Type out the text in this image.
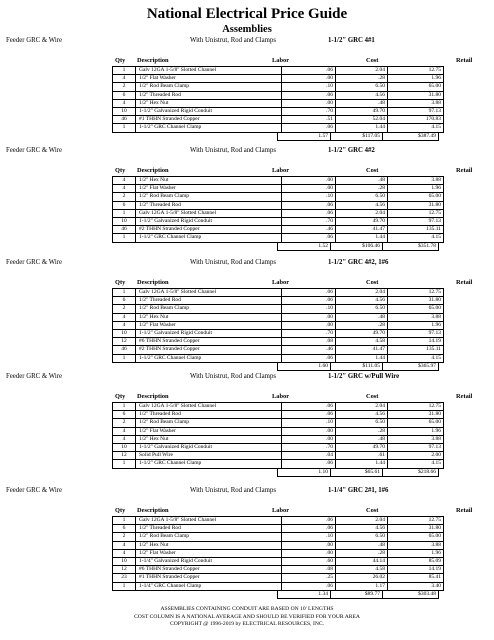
National Electrical Price Guide
Assemblies
Feeder GRC & Wire	With Unistrut, Rod and Clamps	1-1/2" GRC 4#1
Qty Description	Labor	Cost	Retail
1	Galv 12GA 1-5/8" Slotted Channel	.06	2.04	12.75
4	1/2" Flat Washer	.00	.28	1.96
2	1/2" Rod Beam Clamp	.10	6.50	65.00
6	1/2" Threaded Rod	.06	4.56	31.80
4	1/2" Hex Nut	.00	.48	3.88
10	1-1/2" Galvanized Rigid Conduit	.70	49.70	97.13
46	#1 THHN Stranded Copper	.51	52.04	170.83
1	1-1/2" GRC Channel Clamp	.06	1.44	4.15
1.57	$117.05	$387.49
Feeder GRC & Wire	With Unistrut, Rod and Clamps	1-1/2" GRC 4#2
Qty Description	Labor	Cost	Retail
4	1/2" Hex Nut	.00	.48	3.88
4	1/2" Flat Washer	.00	.28	1.96
2	1/2" Rod Beam Clamp	.10	6.50	65.00
6	1/2" Threaded Rod	.06	4.56	31.80
1	Galv 12GA 1-5/8" Slotted Channel	.06	2.04	12.75
10	1-1/2" Galvanized Rigid Conduit	.70	49.70	97.13
46	#2 THHN Stranded Copper	.46	41.47	135.11
1	1-1/2" GRC Channel Clamp	.06	1.44	4.15
1.52	$106.46	$351.78
Feeder GRC & Wire	With Unistrut, Rod and Clamps	1-1/2" GRC 4#2, 1#6
Qty Description	Labor	Cost	Retail
1	Galv 12GA 1-5/8" Slotted Channel	.06	2.04	12.75
6	1/2" Threaded Rod	.06	4.56	31.80
2	1/2" Rod Beam Clamp	.10	6.50	65.00
4	1/2" Hex Nut	.00	.48	3.88
4	1/2" Flat Washer	.00	.28	1.96
10	1-1/2" Galvanized Rigid Conduit	.70	49.70	97.13
12	#6 THHN Stranded Copper	.08	4.58	14.19
46	#2 THHN Stranded Copper	.46	41.47	135.11
1	1-1/2" GRC Channel Clamp	.06	1.44	4.15
1.60	$111.05	$365.97
Feeder GRC & Wire	With Unistrut, Rod and Clamps	1-1/2" GRC w/Pull Wire
Qty Description	Labor	Cost	Retail
1	Galv 12GA 1-5/8" Slotted Channel	.06	2.04	12.75
6	1/2" Threaded Rod	.06	4.56	31.80
2	1/2" Rod Beam Clamp	.10	6.50	65.00
4	1/2" Flat Washer	.00	.28	1.96
4	1/2" Hex Nut	.00	.48	3.88
10	1-1/2" Galvanized Rigid Conduit	.70	49.70	97.13
12	Solid Pull Wire	.04	.61	2.00
1	1-1/2" GRC Channel Clamp	.06	1.44	4.15
1.10	$65.61	$218.66
Feeder GRC & Wire	With Unistrut, Rod and Clamps	1-1/4" GRC 2#1, 1#6
Qty Description	Labor	Cost	Retail
1	Galv 12GA 1-5/8" Slotted Channel	.06	2.04	12.75
6	1/2" Threaded Rod	.06	4.56	31.80
2	1/2" Rod Beam Clamp	.10	6.50	65.00
4	1/2" Hex Nut	.00	.48	3.88
4	1/2" Flat Washer	.00	.28	1.96
10	1-1/4" Galvanized Rigid Conduit	.60	44.14	85.09
12	#6 THHN Stranded Copper	.08	4.58	14.19
23	#1 THHN Stranded Copper	.25	26.02	85.41
1	1-1/4" GRC Channel Clamp	.06	1.17	3.40
1.34	$89.77	$303.48
ASSEMBLIES CONTAINING CONDUIT ARE BASED ON 10' LENGTHS
COST COLUMN IS A NATIONAL AVERAGE AND SHOULD BE VERIFIED FOR YOUR AREA
COPYRIGHT @ 1996-2019 by ELECTRICAL RESOURCES, INC.
